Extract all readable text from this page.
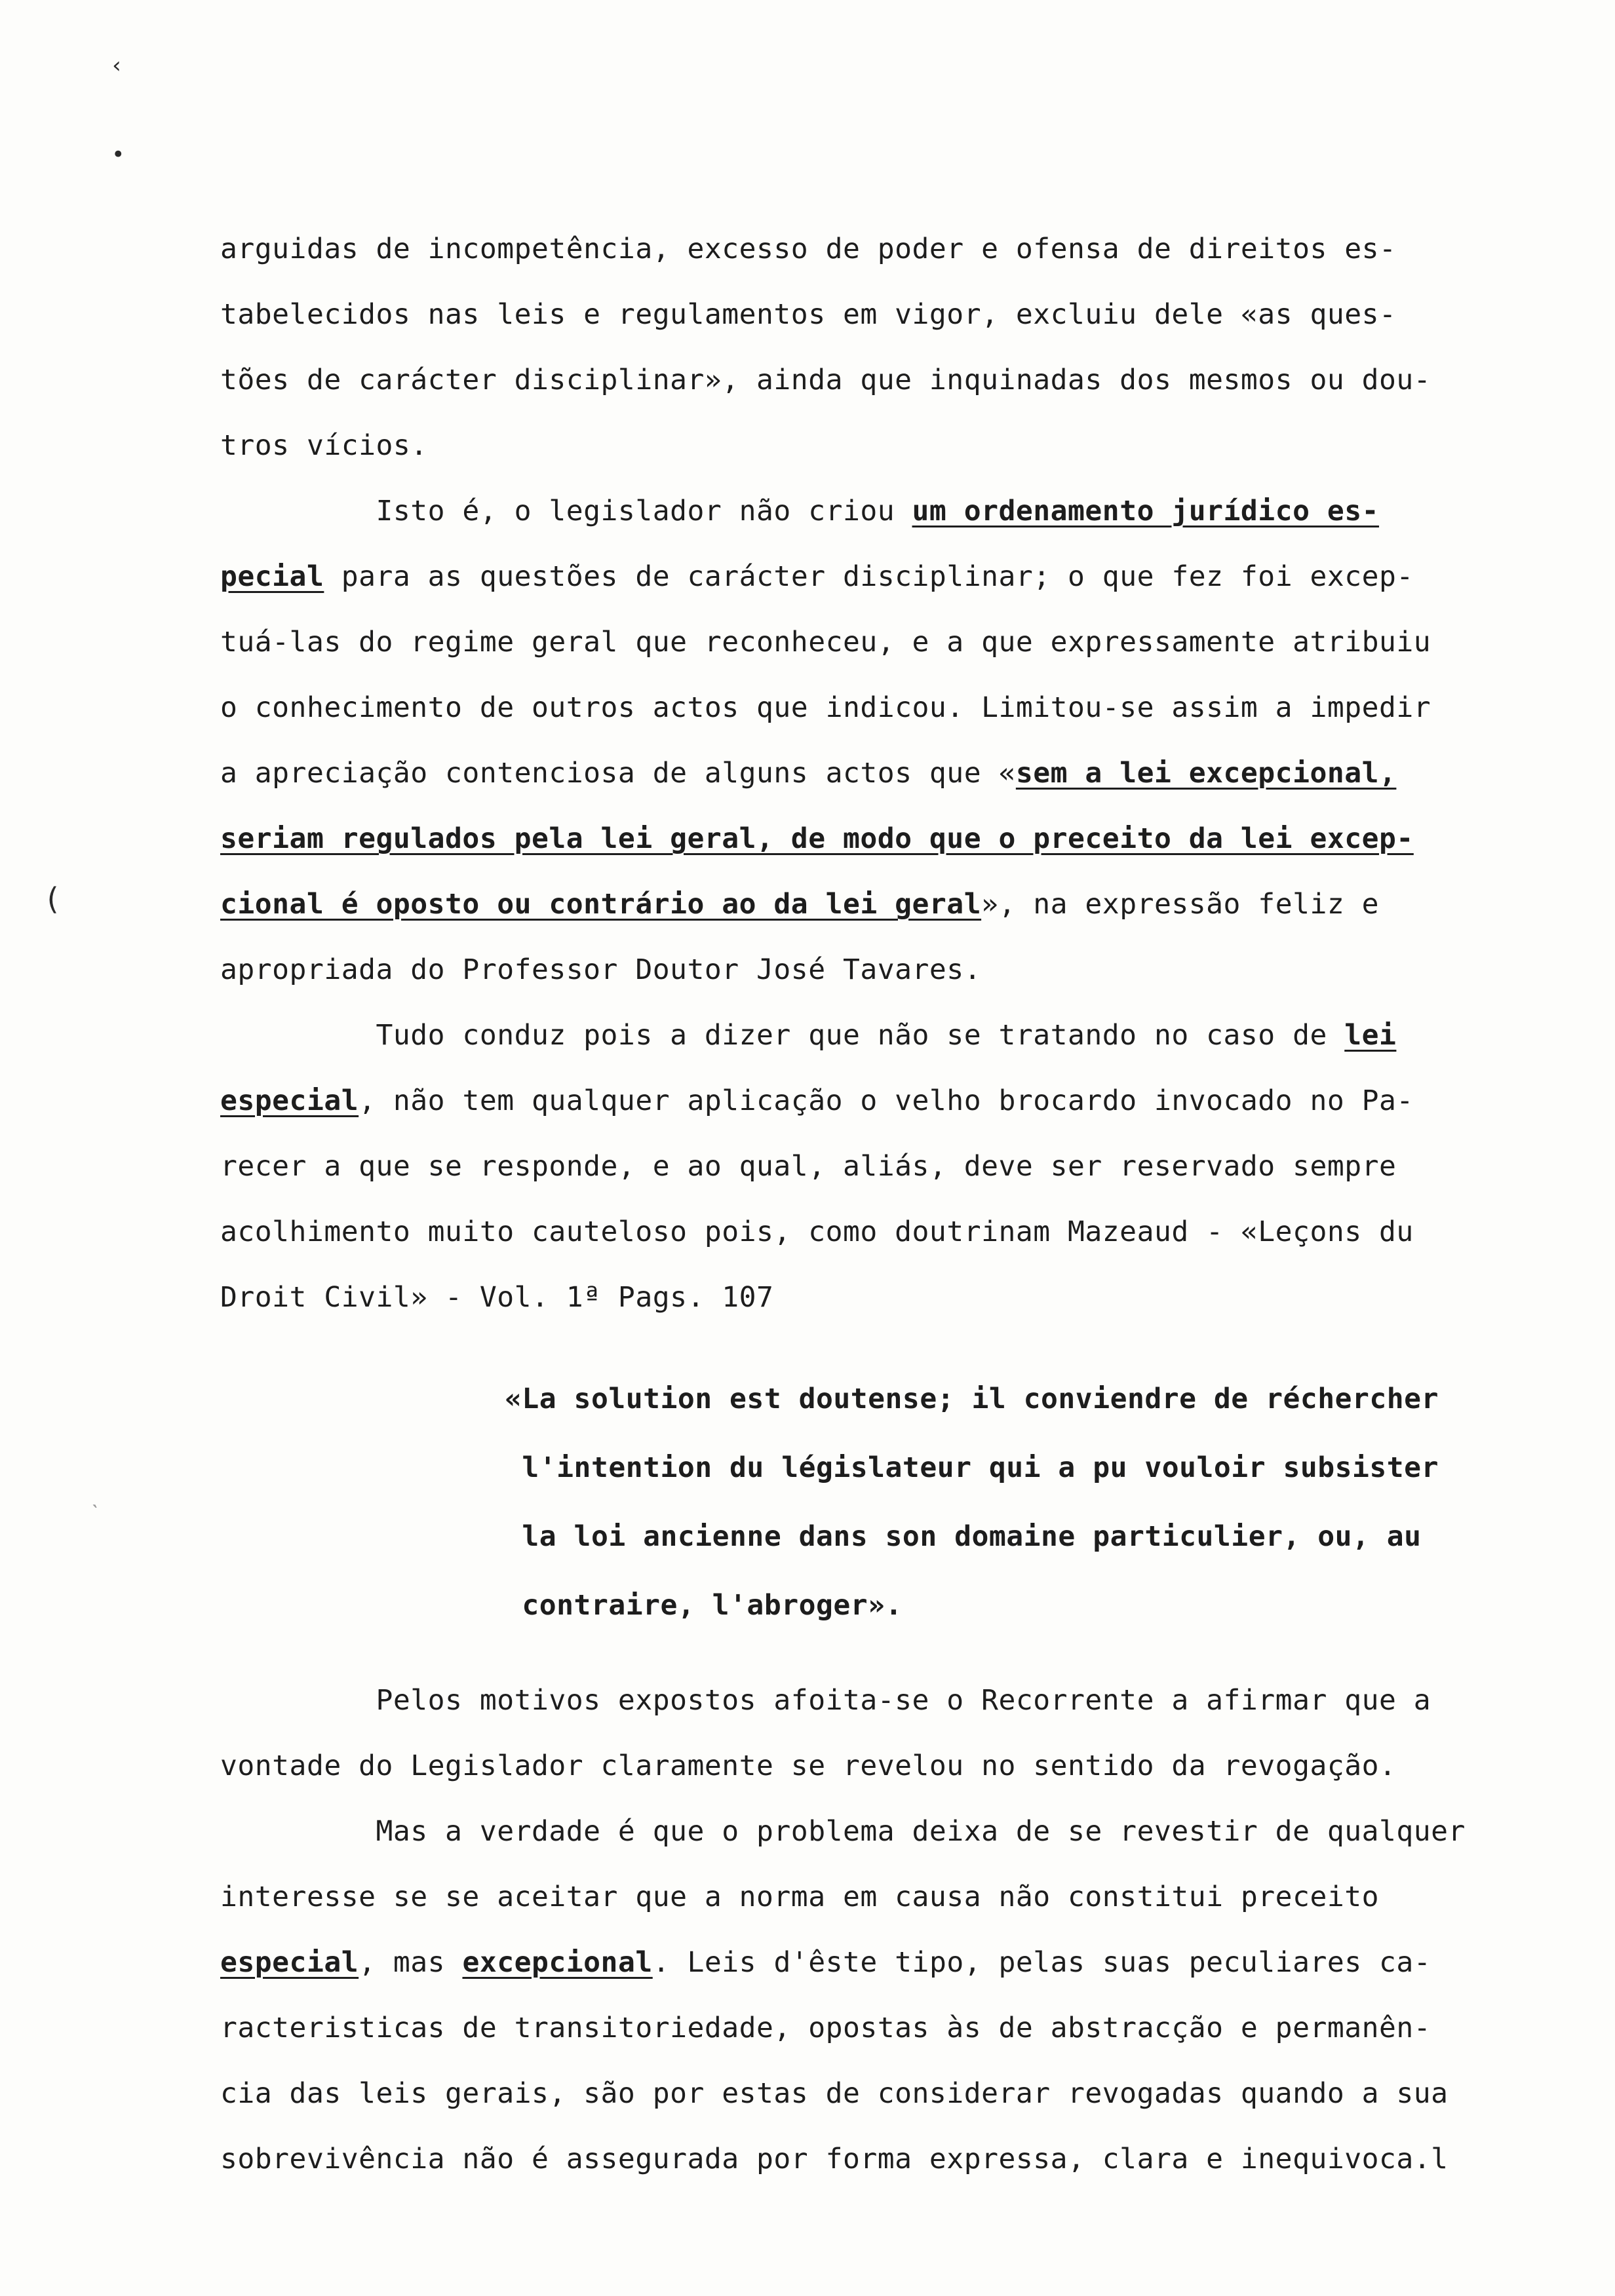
‹
•
(
ˋ
arguidas de incompetência, excesso de poder e ofensa de direitos es-
tabelecidos nas leis e regulamentos em vigor, excluiu dele «as ques-
tões de carácter disciplinar», ainda que inquinadas dos mesmos ou dou-
tros vícios.
Isto é, o legislador não criou um ordenamento jurídico es-
pecial para as questões de carácter disciplinar; o que fez foi excep-
tuá-las do regime geral que reconheceu, e a que expressamente atribuiu
o conhecimento de outros actos que indicou. Limitou-se assim a impedir
a apreciação contenciosa de alguns actos que «sem a lei excepcional,
seriam regulados pela lei geral, de modo que o preceito da lei excep-
cional é oposto ou contrário ao da lei geral», na expressão feliz e
apropriada do Professor Doutor José Tavares.
Tudo conduz pois a dizer que não se tratando no caso de lei
especial, não tem qualquer aplicação o velho brocardo invocado no Pa-
recer a que se responde, e ao qual, aliás, deve ser reservado sempre
acolhimento muito cauteloso pois, como doutrinam Mazeaud - «Leçons du
Droit Civil» - Vol. 1ª Pags. 107
«La solution est doutense; il conviendre de réchercher
l'intention du législateur qui a pu vouloir subsister
la loi ancienne dans son domaine particulier, ou, au
contraire, l'abroger».
Pelos motivos expostos afoita-se o Recorrente a afirmar que a
vontade do Legislador claramente se revelou no sentido da revogação.
Mas a verdade é que o problema deixa de se revestir de qualquer
interesse se se aceitar que a norma em causa não constitui preceito
especial, mas excepcional. Leis d'êste tipo, pelas suas peculiares ca-
racteristicas de transitoriedade, opostas às de abstracção e permanên-
cia das leis gerais, são por estas de considerar revogadas quando a sua
sobrevivência não é assegurada por forma expressa, clara e inequivoca.l
